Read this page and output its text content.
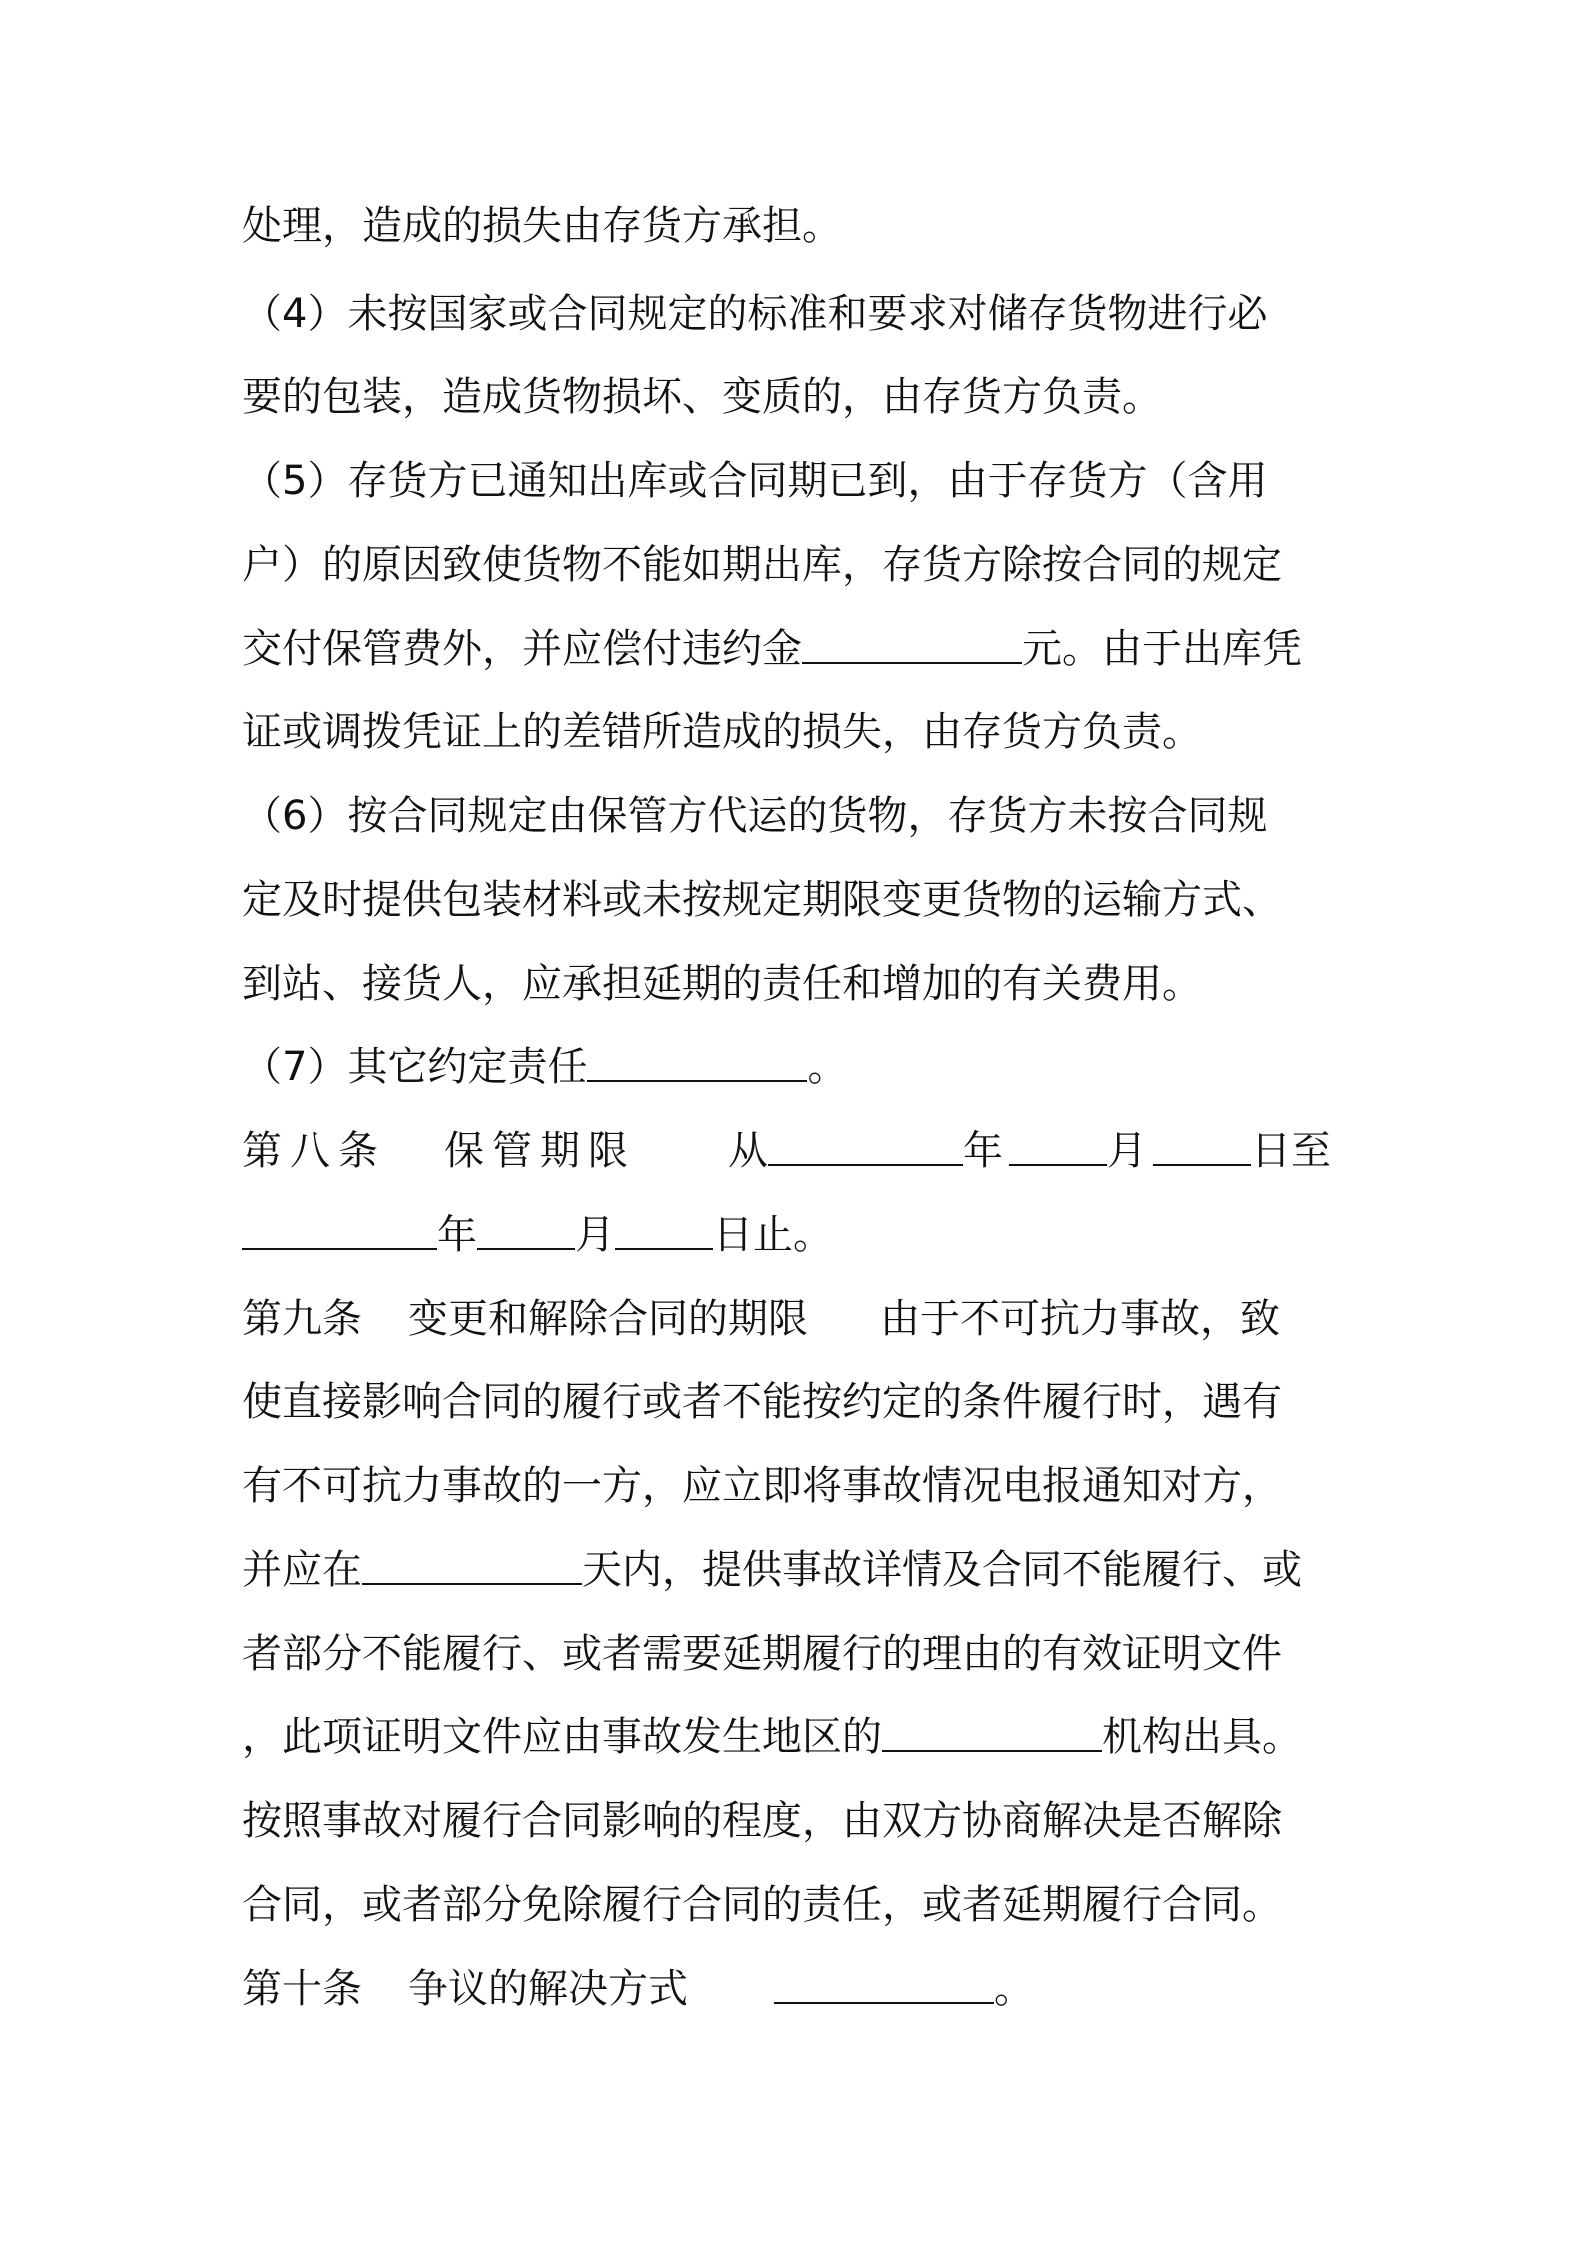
处理，造成的损失由存货方承担。
（4）未按国家或合同规定的标准和要求对储存货物进行必
要的包装，造成货物损坏、变质的，由存货方负责。
（5）存货方已通知出库或合同期已到，由于存货方（含用
户）的原因致使货物不能如期出库，存货方除按合同的规定
交付保管费外，并应偿付违约金	元。由于出库凭
证或调拨凭证上的差错所造成的损失，由存货方负责。
（6）按合同规定由保管方代运的货物，存货方未按合同规
定及时提供包装材料或未按规定期限变更货物的运输方式、
到站、接货人，应承担延期的责任和增加的有关费用。
（7）其它约定责任	。
第八条 保管期限 从	年	月	日至
年 月 日止。
第九条 变更和解除合同的期限 由于不可抗力事故，致
使直接影响合同的履行或者不能按约定的条件履行时，遇有
有不可抗力事故的一方，应立即将事故情况电报通知对方，
并应在	天内，提供事故详情及合同不能履行、或
者部分不能履行、或者需要延期履行的理由的有效证明文件
，此项证明文件应由事故发生地区的	机构出具。
按照事故对履行合同影响的程度，由双方协商解决是否解除
合同，或者部分免除履行合同的责任，或者延期履行合同。
第十条 争议的解决方式	。
